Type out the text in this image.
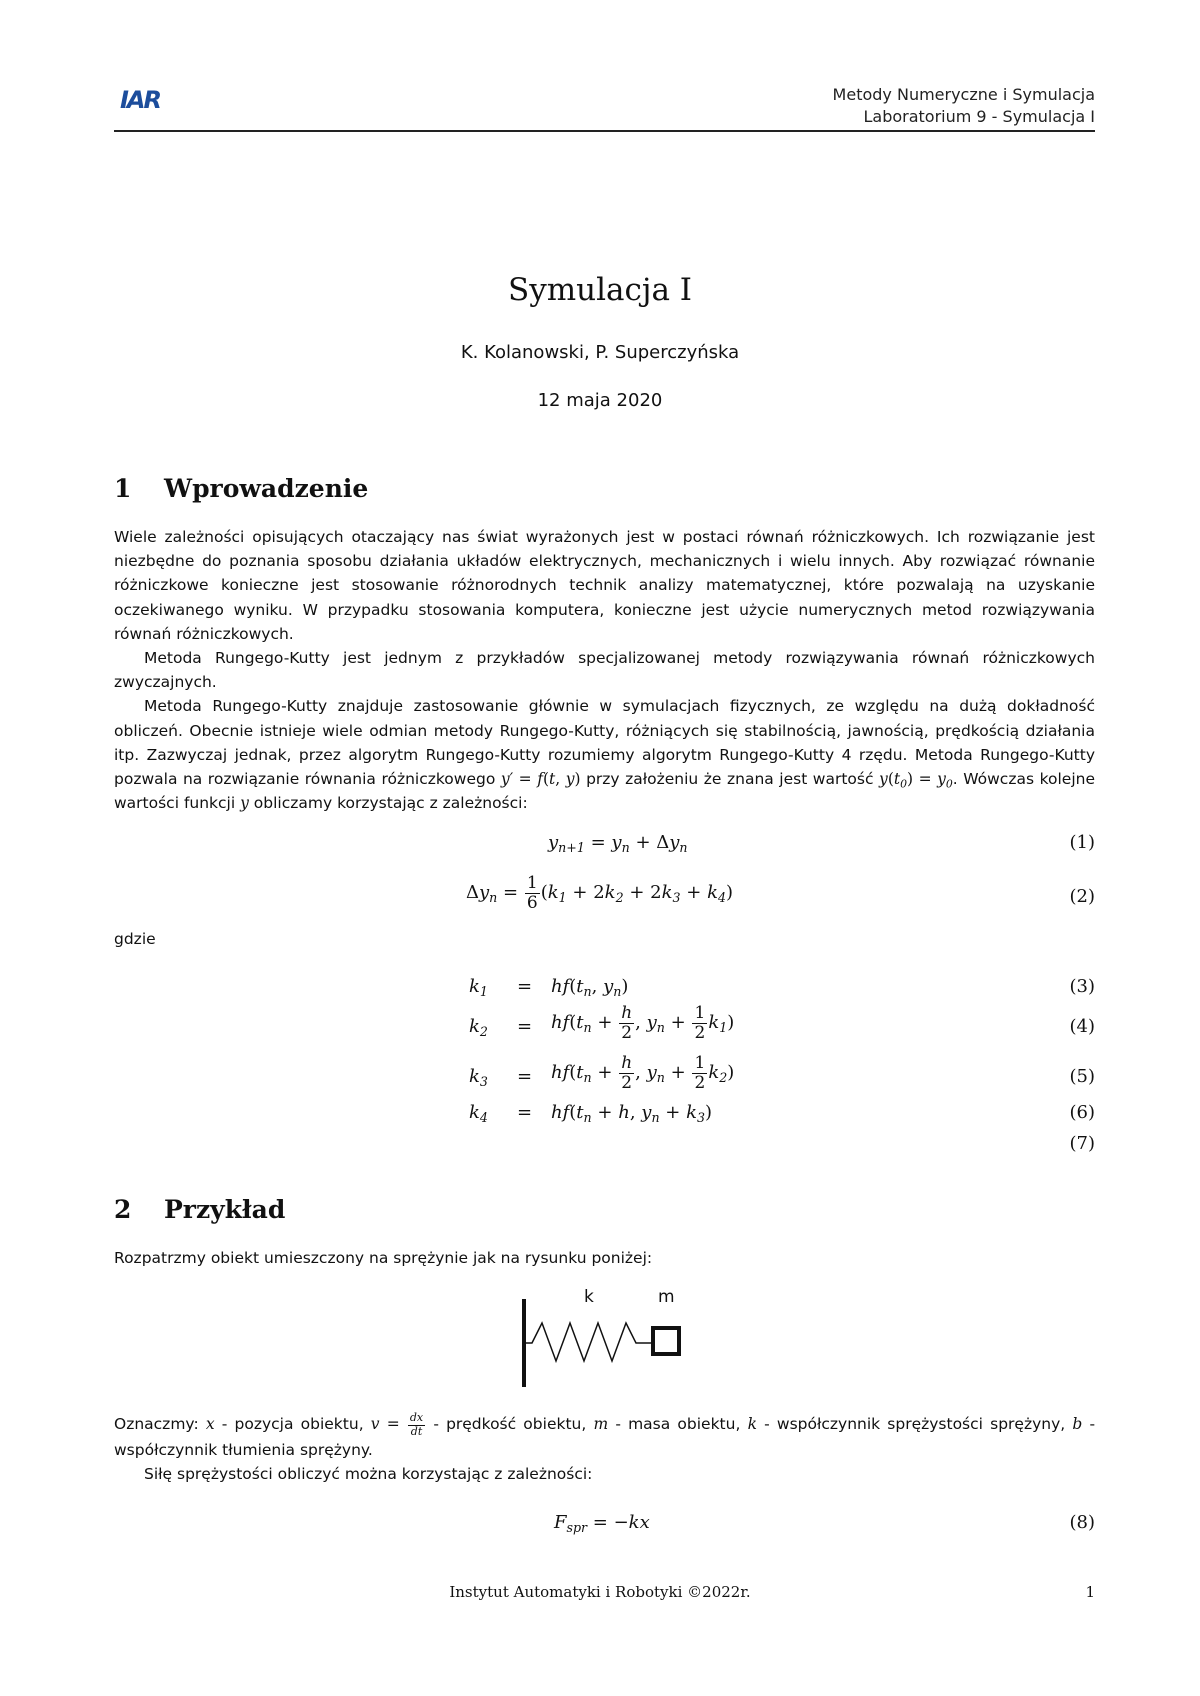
IAR	Metody Numeryczne i Symulacja
Laboratorium 9 - Symulacja I
Symulacja I
K. Kolanowski, P. Superczyńska
12 maja 2020
1 Wprowadzenie

Wiele zależności opisujących otaczający nas świat wyrażonych jest w postaci równań różniczkowych. Ich rozwiązanie jest niezbędne do poznania sposobu działania układów elektrycznych, mechanicznych i wielu innych. Aby rozwiązać równanie różniczkowe konieczne jest stosowanie różnorodnych technik analizy matematycznej, które pozwalają na uzyskanie oczekiwanego wyniku. W przypadku stosowania komputera, konieczne jest użycie numerycznych metod rozwiązywania równań różniczkowych.

Metoda Rungego-Kutty jest jednym z przykładów specjalizowanej metody rozwiązywania równań różniczkowych zwyczajnych.

Metoda Rungego-Kutty znajduje zastosowanie głównie w symulacjach fizycznych, ze względu na dużą dokładność obliczeń. Obecnie istnieje wiele odmian metody Rungego-Kutty, różniących się stabilnością, jawnością, prędkością działania itp. Zazwyczaj jednak, przez algorytm Rungego-Kutty rozumiemy algorytm Rungego-Kutty 4 rzędu. Metoda Rungego-Kutty pozwala na rozwiązanie równania różniczkowego y′ = f(t, y) przy założeniu że znana jest wartość $y(t_0) = y_0$. Wówczas kolejne wartości funkcji y obliczamy korzystając z zależności:

$y_{n+1} = y_n + \Delta y_n$	(1)
$\Delta y_n = \frac{1}{6} (k_1 + 2k_2 + 2k_3 + k_4)$	(2)
gdzie
$k_1 = hf(t_n$, $y_n$)	(3)
$k_2 = hf(t_n + \frac{h}{2}$ , $y_n + \frac{1}{2} k_1$)	(4)
$k_3 = hf(t_n + \frac{h}{2}$ , $y_n + \frac{1}{2} k_2$)	(5)
$k_4 = hf(t_n + h$, $y_n + k_3$)	(6)
(7)
2 Przykład
Rozpatrzmy obiekt umieszczony na sprężynie jak na rysunku poniżej:
k	m

Oznaczmy: x - pozycja obiektu, $v = \frac{dx}{dt}$ - prędkość obiektu, m - masa obiektu, k - współczynnik sprężystości sprężyny, b - współczynnik tłumienia sprężyny.

Siłę sprężystości obliczyć można korzystając z zależności:

$F_{spr} = -kx$	(8)
Instytut Automatyki i Robotyki ©2022r.	1
